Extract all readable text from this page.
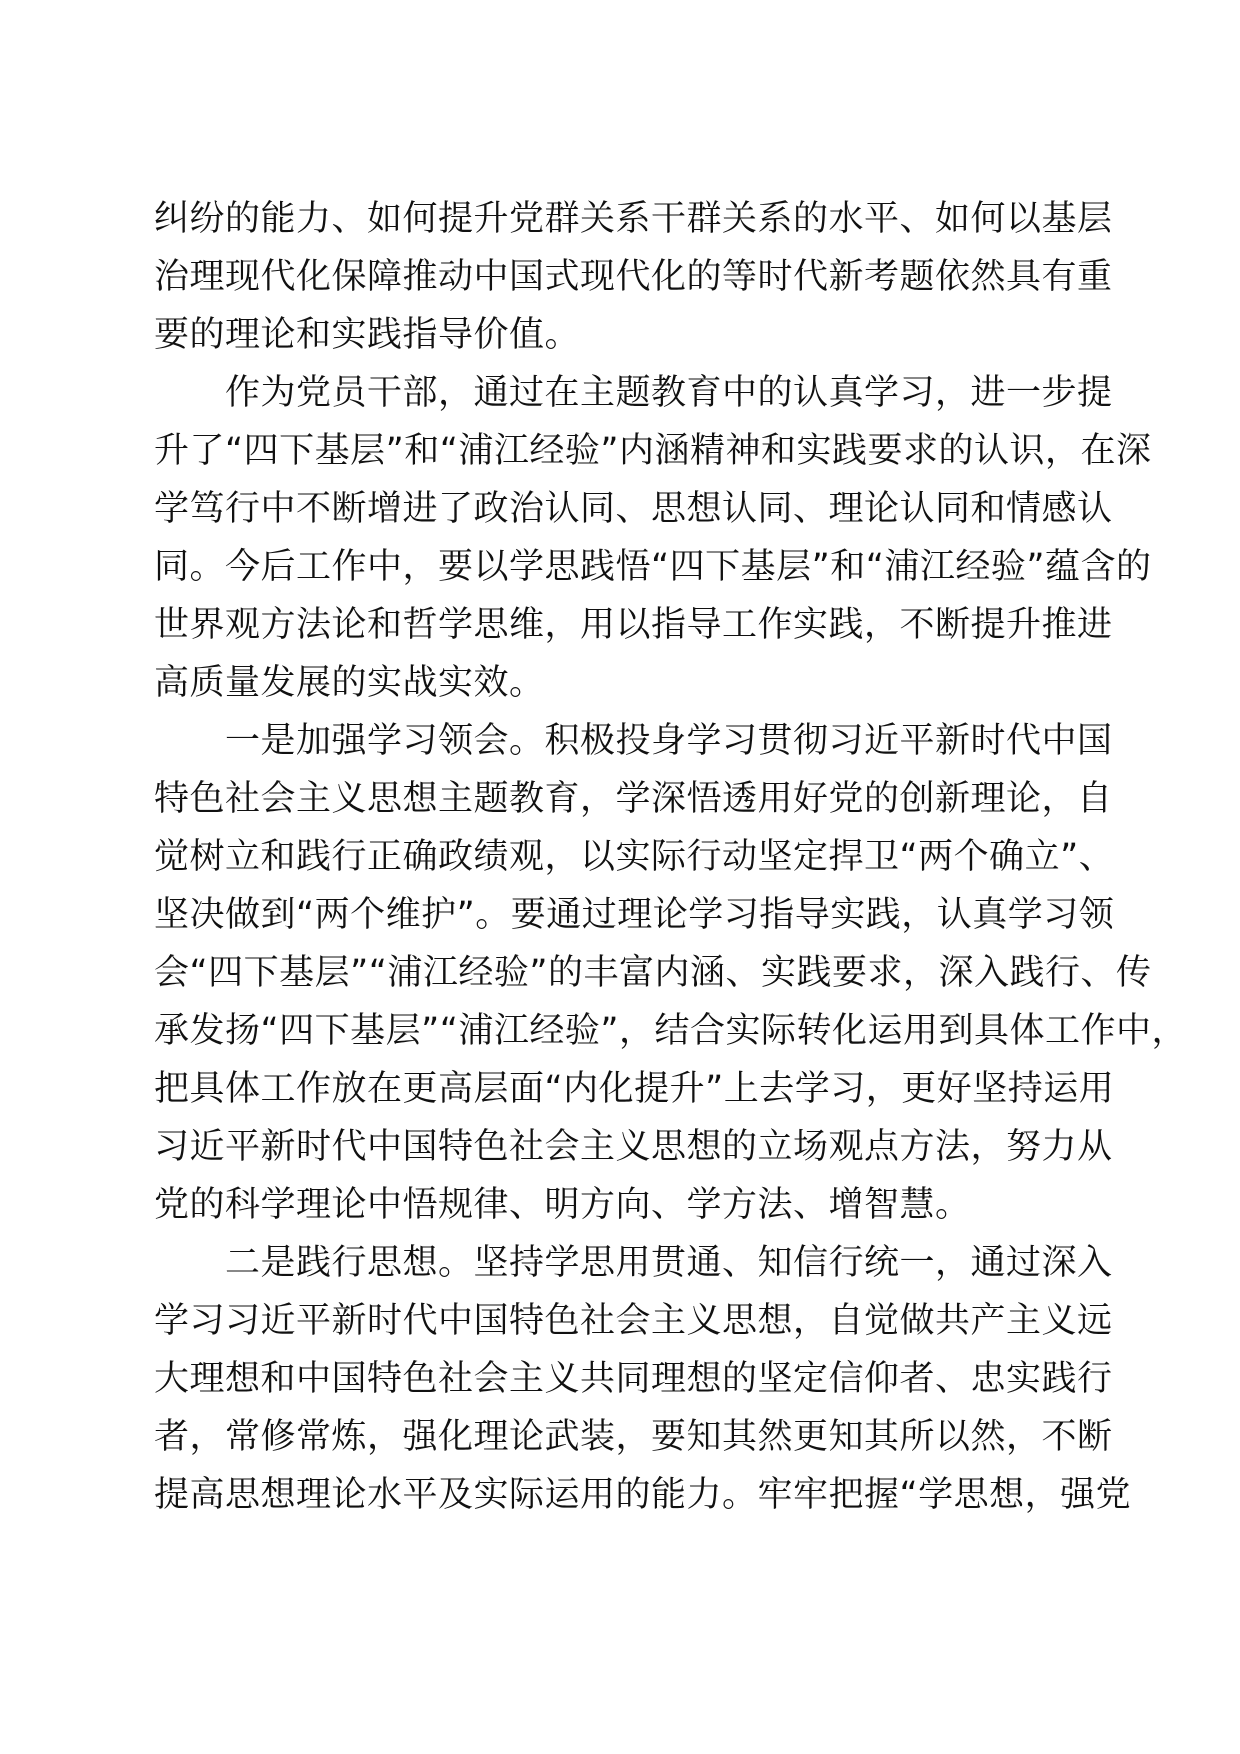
纠纷的能力、如何提升党群关系干群关系的水平、如何以基层
治理现代化保障推动中国式现代化的等时代新考题依然具有重
要的理论和实践指导价值。
　　作为党员干部，通过在主题教育中的认真学习，进一步提
升了“四下基层”和“浦江经验”内涵精神和实践要求的认识，在深
学笃行中不断增进了政治认同、思想认同、理论认同和情感认
同。今后工作中，要以学思践悟“四下基层”和“浦江经验”蕴含的
世界观方法论和哲学思维，用以指导工作实践，不断提升推进
高质量发展的实战实效。
　　一是加强学习领会。积极投身学习贯彻习近平新时代中国
特色社会主义思想主题教育，学深悟透用好党的创新理论，自
觉树立和践行正确政绩观，以实际行动坚定捍卫“两个确立”、
坚决做到“两个维护”。要通过理论学习指导实践，认真学习领
会“四下基层”“浦江经验”的丰富内涵、实践要求，深入践行、传
承发扬“四下基层”“浦江经验”，结合实际转化运用到具体工作中，
把具体工作放在更高层面“内化提升”上去学习，更好坚持运用
习近平新时代中国特色社会主义思想的立场观点方法，努力从
党的科学理论中悟规律、明方向、学方法、增智慧。
　　二是践行思想。坚持学思用贯通、知信行统一，通过深入
学习习近平新时代中国特色社会主义思想，自觉做共产主义远
大理想和中国特色社会主义共同理想的坚定信仰者、忠实践行
者，常修常炼，强化理论武装，要知其然更知其所以然，不断
提高思想理论水平及实际运用的能力。牢牢把握“学思想，强党
